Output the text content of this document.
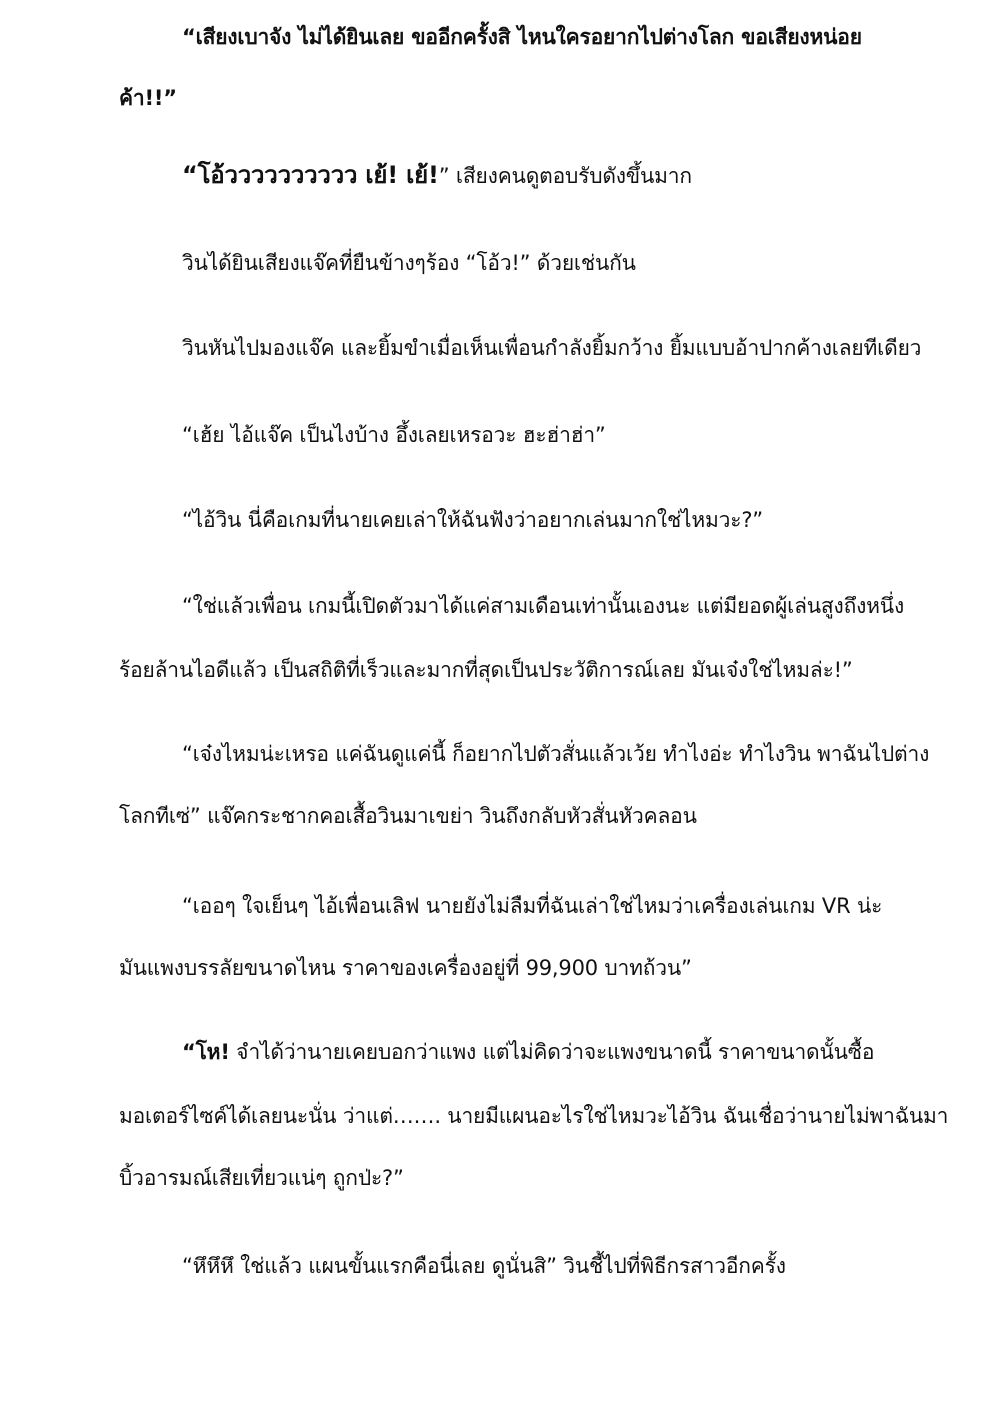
“เสียงเบาจัง ไม่ได้ยินเลย ขออีกครั้งสิ ไหนใครอยากไปต่างโลก ขอเสียงหน่อย
ค้า!!”
“โอ้วววววววววว เย้! เย้!” เสียงคนดูตอบรับดังขึ้นมาก
วินได้ยินเสียงแจ๊คที่ยืนข้างๆร้อง “โอ้ว!” ด้วยเช่นกัน
วินหันไปมองแจ๊ค และยิ้มขำเมื่อเห็นเพื่อนกำลังยิ้มกว้าง ยิ้มแบบอ้าปากค้างเลยทีเดียว
“เฮ้ย ไอ้แจ๊ค เป็นไงบ้าง อึ้งเลยเหรอวะ ฮะฮ่าฮ่า”
“ไอ้วิน นี่คือเกมที่นายเคยเล่าให้ฉันฟังว่าอยากเล่นมากใช่ไหมวะ?”
“ใช่แล้วเพื่อน เกมนี้เปิดตัวมาได้แค่สามเดือนเท่านั้นเองนะ แต่มียอดผู้เล่นสูงถึงหนึ่ง
ร้อยล้านไอดีแล้ว เป็นสถิติที่เร็วและมากที่สุดเป็นประวัติการณ์เลย มันเจ๋งใช่ไหมล่ะ!”
“เจ๋งไหมน่ะเหรอ แค่ฉันดูแค่นี้ ก็อยากไปตัวสั่นแล้วเว้ย ทำไงอ่ะ ทำไงวิน พาฉันไปต่าง
โลกทีเซ่” แจ๊คกระชากคอเสื้อวินมาเขย่า วินถึงกลับหัวสั่นหัวคลอน
“เออๆ ใจเย็นๆ ไอ้เพื่อนเลิฟ นายยังไม่ลืมที่ฉันเล่าใช่ไหมว่าเครื่องเล่นเกม VR น่ะ
มันแพงบรรลัยขนาดไหน ราคาของเครื่องอยู่ที่ 99,900 บาทถ้วน”
“โห! จำได้ว่านายเคยบอกว่าแพง แต่ไม่คิดว่าจะแพงขนาดนี้ ราคาขนาดนั้นซื้อ
มอเตอร์ไซค์ได้เลยนะนั่น ว่าแต่……. นายมีแผนอะไรใช่ไหมวะไอ้วิน ฉันเชื่อว่านายไม่พาฉันมา
บิ้วอารมณ์เสียเที่ยวแน่ๆ ถูกป่ะ?”
“หึหึหึ ใช่แล้ว แผนขั้นแรกคือนี่เลย ดูนั่นสิ” วินชี้ไปที่พิธีกรสาวอีกครั้ง
